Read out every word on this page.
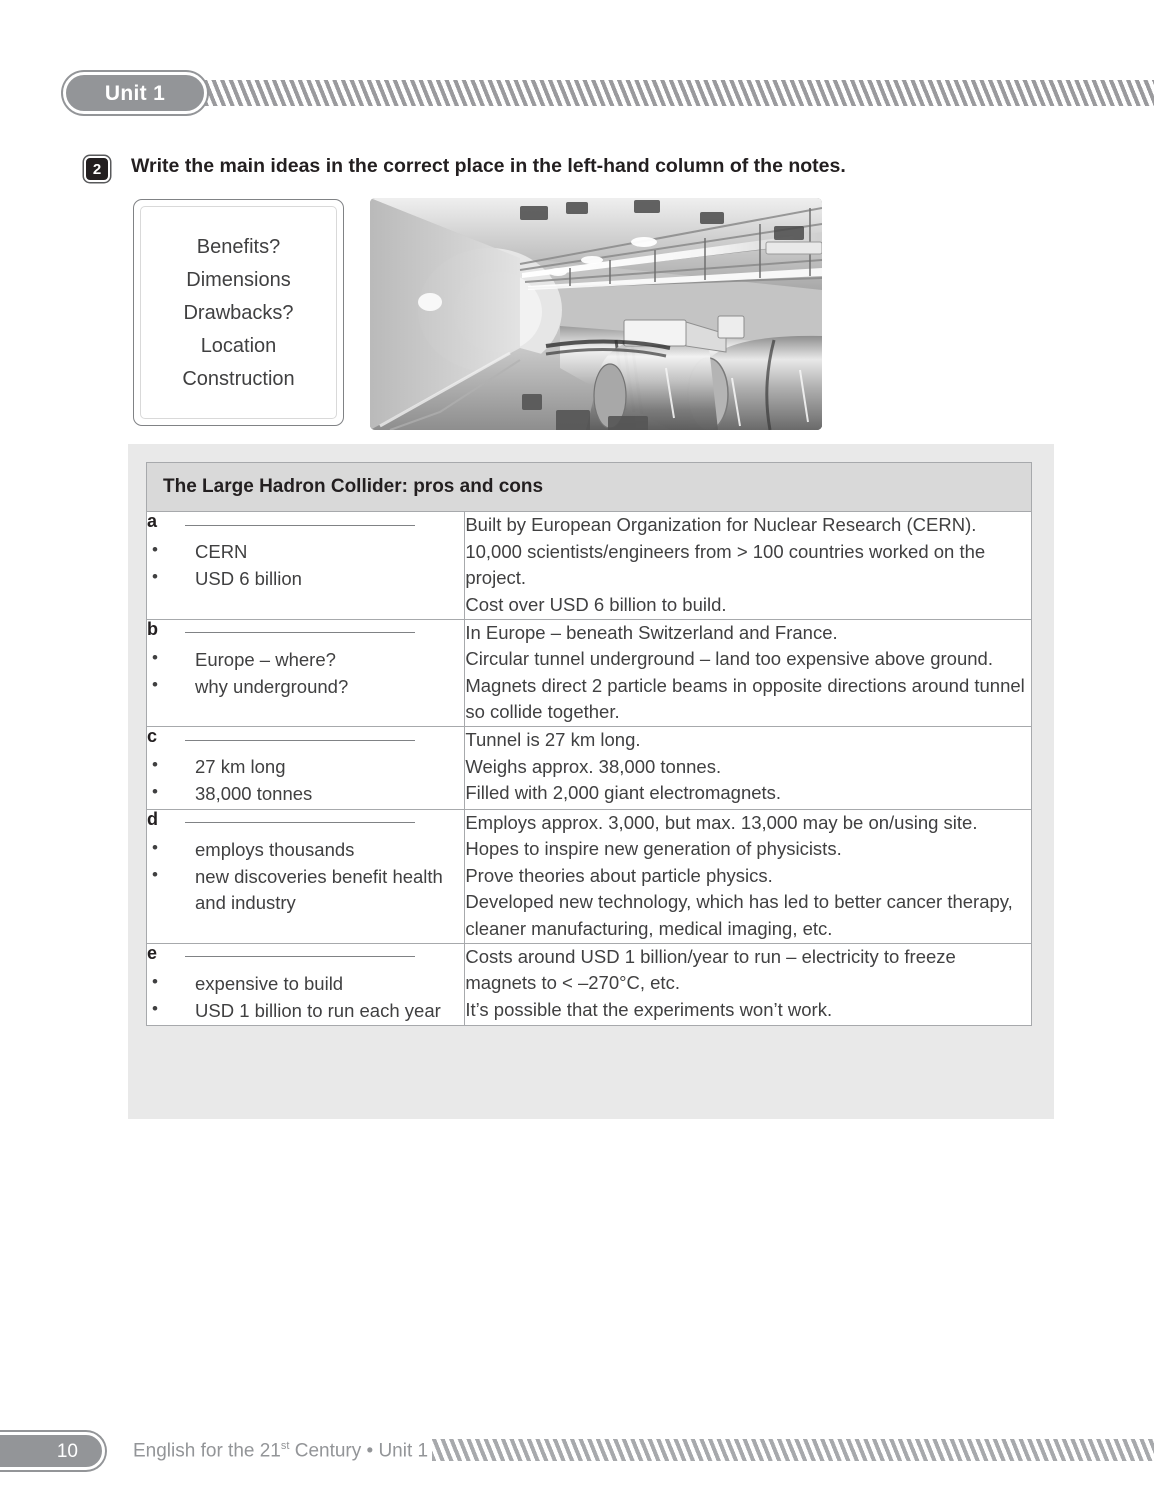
Unit 1
2 Write the main ideas in the correct place in the left-hand column of the notes.
Benefits?
Dimensions
Drawbacks?
Location
Construction
The Large Hadron Collider: pros and cons	

a
• CERN
• USD 6 billion

Built by European Organization for Nuclear Research (CERN).
10,000 scientists/engineers from > 100 countries worked on the project.
Cost over USD 6 billion to build.

b
• Europe – where?
• why underground?

In Europe – beneath Switzerland and France.
Circular tunnel underground – land too expensive above ground.
Magnets direct 2 particle beams in opposite directions around tunnel so collide together.

c
• 27 km long
• 38,000 tonnes

Tunnel is 27 km long.
Weighs approx. 38,000 tonnes.
Filled with 2,000 giant electromagnets.

d
• employs thousands
• new discoveries benefit health and industry

Employs approx. 3,000, but max. 13,000 may be on/using site.
Hopes to inspire new generation of physicists.
Prove theories about particle physics.
Developed new technology, which has led to better cancer therapy, cleaner manufacturing, medical imaging, etc.

e
• expensive to build
• USD 1 billion to run each year

Costs around USD 1 billion/year to run – electricity to freeze magnets to < –270°C, etc.
It’s possible that the experiments won’t work.
10	English for the 21st Century • Unit 1
